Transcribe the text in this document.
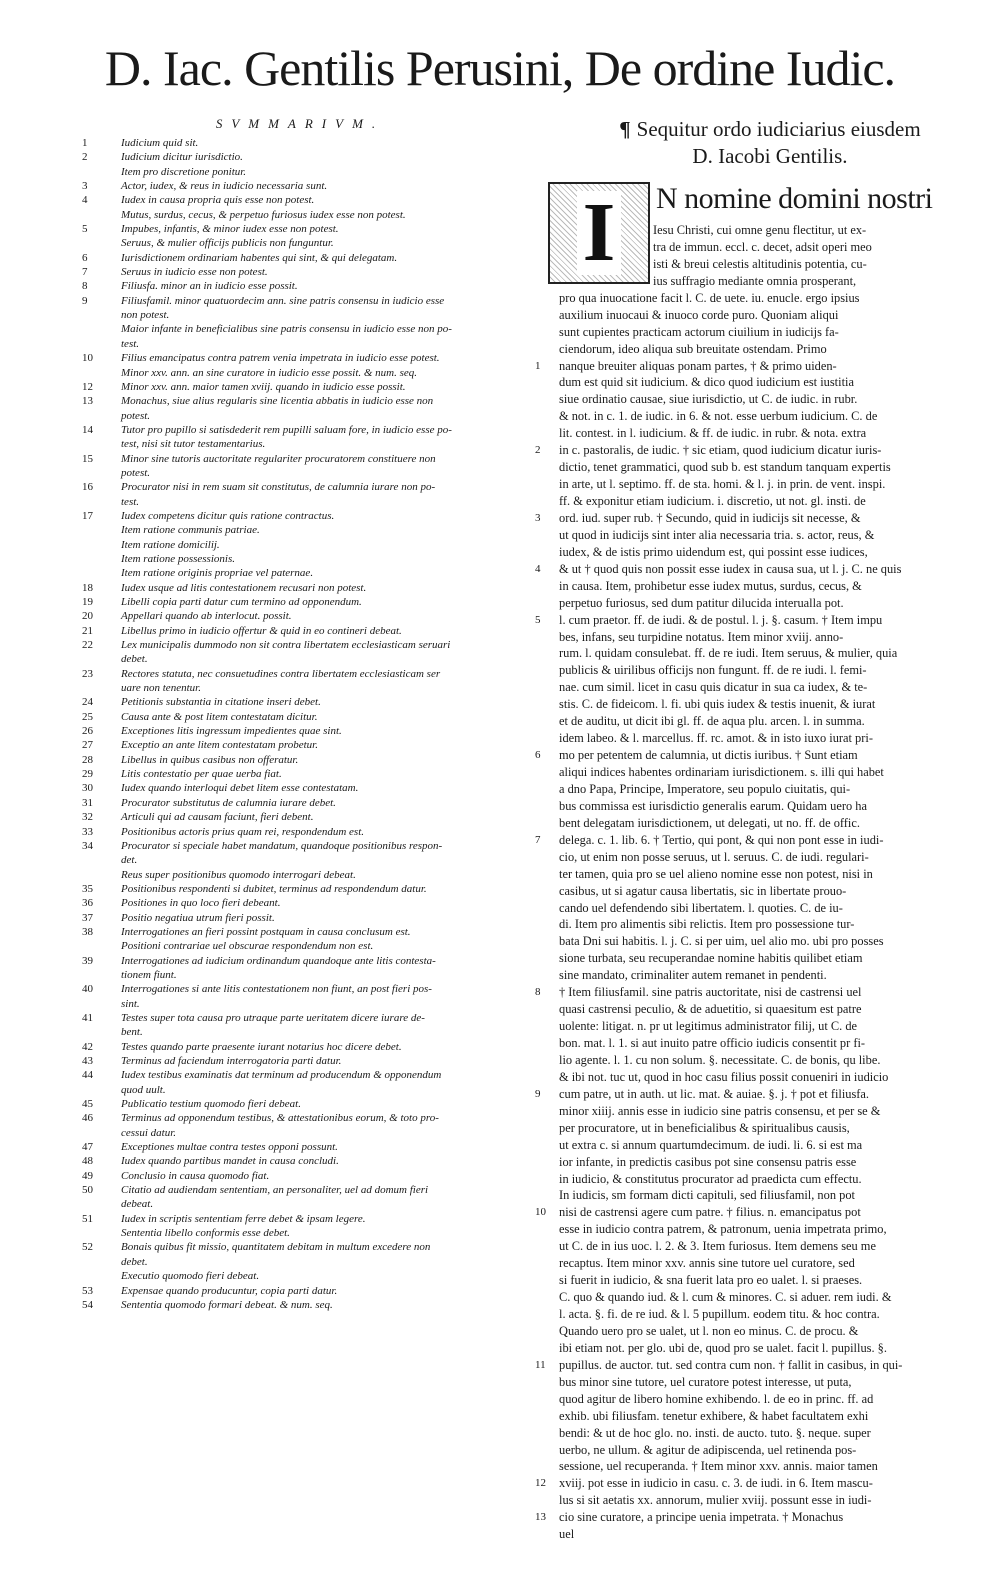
D. Iac. Gentilis Perusini, De ordine Iudic.
SVMMARIVM.
1	Iudicium quid sit.
2	Iudicium dicitur iurisdictio.
Item pro discretione ponitur.
3	Actor, iudex, & reus in iudicio necessaria sunt.
4	Iudex in causa propria quis esse non potest.
Mutus, surdus, cecus, & perpetuo furiosus iudex esse non potest.
5	Impubes, infantis, & minor iudex esse non potest.
Seruus, & mulier officijs publicis non funguntur.
6	Iurisdictionem ordinariam habentes qui sint, & qui delegatam.
7	Seruus in iudicio esse non potest.
8	Filiusfa. minor an in iudicio esse possit.
9	Filiusfamil. minor quatuordecim ann. sine patris consensu in iudicio esse
non potest.
Maior infante in beneficialibus sine patris consensu in iudicio esse non po-
test.
10	Filius emancipatus contra patrem venia impetrata in iudicio esse potest.
Minor xxv. ann. an sine curatore in iudicio esse possit. & num. seq.
12	Minor xxv. ann. maior tamen xviij. quando in iudicio esse possit.
13	Monachus, siue alius regularis sine licentia abbatis in iudicio esse non
potest.
14	Tutor pro pupillo si satisdederit rem pupilli saluam fore, in iudicio esse po-
test, nisi sit tutor testamentarius.
15	Minor sine tutoris auctoritate regulariter procuratorem constituere non
potest.
16	Procurator nisi in rem suam sit constitutus, de calumnia iurare non po-
test.
17	Iudex competens dicitur quis ratione contractus.
Item ratione communis patriae.
Item ratione domicilij.
Item ratione possessionis.
Item ratione originis propriae vel paternae.
18	Iudex usque ad litis contestationem recusari non potest.
19	Libelli copia parti datur cum termino ad opponendum.
20	Appellari quando ab interlocut. possit.
21	Libellus primo in iudicio offertur & quid in eo contineri debeat.
22	Lex municipalis dummodo non sit contra libertatem ecclesiasticam seruari
debet.
23	Rectores statuta, nec consuetudines contra libertatem ecclesiasticam ser
uare non tenentur.
24	Petitionis substantia in citatione inseri debet.
25	Causa ante & post litem contestatam dicitur.
26	Exceptiones litis ingressum impedientes quae sint.
27	Exceptio an ante litem contestatam probetur.
28	Libellus in quibus casibus non offeratur.
29	Litis contestatio per quae uerba fiat.
30	Iudex quando interloqui debet litem esse contestatam.
31	Procurator substitutus de calumnia iurare debet.
32	Articuli qui ad causam faciunt, fieri debent.
33	Positionibus actoris prius quam rei, respondendum est.
34	Procurator si speciale habet mandatum, quandoque positionibus respon-
det.
Reus super positionibus quomodo interrogari debeat.
35	Positionibus respondenti si dubitet, terminus ad respondendum datur.
36	Positiones in quo loco fieri debeant.
37	Positio negatiua utrum fieri possit.
38	Interrogationes an fieri possint postquam in causa conclusum est.
Positioni contrariae uel obscurae respondendum non est.
39	Interrogationes ad iudicium ordinandum quandoque ante litis contesta-
tionem fiunt.
40	Interrogationes si ante litis contestationem non fiunt, an post fieri pos-
sint.
41	Testes super tota causa pro utraque parte ueritatem dicere iurare de-
bent.
42	Testes quando parte praesente iurant notarius hoc dicere debet.
43	Terminus ad faciendum interrogatoria parti datur.
44	Iudex testibus examinatis dat terminum ad producendum & opponendum
quod uult.
45	Publicatio testium quomodo fieri debeat.
46	Terminus ad opponendum testibus, & attestationibus eorum, & toto pro-
cessui datur.
47	Exceptiones multae contra testes opponi possunt.
48	Iudex quando partibus mandet in causa concludi.
49	Conclusio in causa quomodo fiat.
50	Citatio ad audiendam sententiam, an personaliter, uel ad domum fieri
debeat.
51	Iudex in scriptis sententiam ferre debet & ipsam legere.
Sententia libello conformis esse debet.
52	Bonais quibus fit missio, quantitatem debitam in multum excedere non
debet.
Executio quomodo fieri debeat.
53	Expensae quando producuntur, copia parti datur.
54	Sententia quomodo formari debeat. & num. seq.
¶ Sequitur ordo iudiciarius eiusdem
D. Iacobi Gentilis.
I N nomine domini nostri
Iesu Christi, cui omne genu flectitur, ut ex-
tra de immun. eccl. c. decet, adsit operi meo
isti & breui celestis altitudinis potentia, cu-
ius suffragio mediante omnia prosperant,
pro qua inuocatione facit l. C. de uete. iu. enucle. ergo ipsius
auxilium inuocaui & inuoco corde puro. Quoniam aliqui
sunt cupientes practicam actorum ciuilium in iudicijs fa-
ciendorum, ideo aliqua sub breuitate ostendam. Primo
1	nanque breuiter aliquas ponam partes, † & primo uiden-
dum est quid sit iudicium. & dico quod iudicium est iustitia
siue ordinatio causae, siue iurisdictio, ut C. de iudic. in rubr.
& not. in c. 1. de iudic. in 6. & not. esse uerbum iudicium. C. de
lit. contest. in l. iudicium. & ff. de iudic. in rubr. & nota. extra
2	in c. pastoralis, de iudic. † sic etiam, quod iudicium dicatur iuris-
dictio, tenet grammatici, quod sub b. est standum tanquam expertis
in arte, ut l. septimo. ff. de sta. homi. & l. j. in prin. de vent. inspi.
ff. & exponitur etiam iudicium. i. discretio, ut not. gl. insti. de
3	ord. iud. super rub. † Secundo, quid in iudicijs sit necesse, &
ut quod in iudicijs sint inter alia necessaria tria. s. actor, reus, &
iudex, & de istis primo uidendum est, qui possint esse iudices,
4	& ut † quod quis non possit esse iudex in causa sua, ut l. j. C. ne quis
in causa. Item, prohibetur esse iudex mutus, surdus, cecus, &
perpetuo furiosus, sed dum patitur dilucida interualla pot.
5	l. cum praetor. ff. de iudi. & de postul. l. j. §. casum. † Item impu
bes, infans, seu turpidine notatus. Item minor xviij. anno-
rum. l. quidam consulebat. ff. de re iudi. Item seruus, & mulier, quia
publicis & uirilibus officijs non fungunt. ff. de re iudi. l. femi-
nae. cum simil. licet in casu quis dicatur in sua ca iudex, & te-
stis. C. de fideicom. l. fi. ubi quis iudex & testis inuenit, & iurat
et de auditu, ut dicit ibi gl. ff. de aqua plu. arcen. l. in summa.
idem labeo. & l. marcellus. ff. rc. amot. & in isto iuxo iurat pri-
6	mo per petentem de calumnia, ut dictis iuribus. † Sunt etiam
aliqui indices habentes ordinariam iurisdictionem. s. illi qui habet
a dno Papa, Principe, Imperatore, seu populo ciuitatis, qui-
bus commissa est iurisdictio generalis earum. Quidam uero ha
bent delegatam iurisdictionem, ut delegati, ut no. ff. de offic.
7	delega. c. 1. lib. 6. † Tertio, qui pont, & qui non pont esse in iudi-
cio, ut enim non posse seruus, ut l. seruus. C. de iudi. regulari-
ter tamen, quia pro se uel alieno nomine esse non potest, nisi in
casibus, ut si agatur causa libertatis, sic in libertate prouo-
cando uel defendendo sibi libertatem. l. quoties. C. de iu-
di. Item pro alimentis sibi relictis. Item pro possessione tur-
bata Dni sui habitis. l. j. C. si per uim, uel alio mo. ubi pro posses
sione turbata, seu recuperandae nomine habitis quilibet etiam
sine mandato, criminaliter autem remanet in pendenti.
8	† Item filiusfamil. sine patris auctoritate, nisi de castrensi uel
quasi castrensi peculio, & de aduetitio, si quaesitum est patre
uolente: litigat. n. pr ut legitimus administrator filij, ut C. de
bon. mat. l. 1. si aut inuito patre officio iudicis consentit pr fi-
lio agente. l. 1. cu non solum. §. necessitate. C. de bonis, qu libe.
& ibi not. tuc ut, quod in hoc casu filius possit conueniri in iudicio
9	cum patre, ut in auth. ut lic. mat. & auiae. §. j. † pot et filiusfa.
minor xiiij. annis esse in iudicio sine patris consensu, et per se &
per procuratore, ut in beneficialibus & spiritualibus causis,
ut extra c. si annum quartumdecimum. de iudi. li. 6. si est ma
ior infante, in predictis casibus pot sine consensu patris esse
in iudicio, & constitutus procurator ad praedicta cum effectu.
In iudicis, sm formam dicti capituli, sed filiusfamil, non pot
10	nisi de castrensi agere cum patre. † filius. n. emancipatus pot
esse in iudicio contra patrem, & patronum, uenia impetrata primo,
ut C. de in ius uoc. l. 2. & 3. Item furiosus. Item demens seu me
recaptus. Item minor xxv. annis sine tutore uel curatore, sed
si fuerit in iudicio, & sna fuerit lata pro eo ualet. l. si praeses.
C. quo & quando iud. & l. cum & minores. C. si aduer. rem iudi. &
l. acta. §. fi. de re iud. & l. 5 pupillum. eodem titu. & hoc contra.
Quando uero pro se ualet, ut l. non eo minus. C. de procu. &
ibi etiam not. per glo. ubi de, quod pro se ualet. facit l. pupillus. §.
11	pupillus. de auctor. tut. sed contra cum non. † fallit in casibus, in qui-
bus minor sine tutore, uel curatore potest interesse, ut puta,
quod agitur de libero homine exhibendo. l. de eo in princ. ff. ad
exhib. ubi filiusfam. tenetur exhibere, & habet facultatem exhi
bendi: & ut de hoc glo. no. insti. de aucto. tuto. §. neque. super
uerbo, ne ullum. & agitur de adipiscenda, uel retinenda pos-
sessione, uel recuperanda. † Item minor xxv. annis. maior tamen
12	xviij. pot esse in iudicio in casu. c. 3. de iudi. in 6. Item mascu-
lus si sit aetatis xx. annorum, mulier xviij. possunt esse in iudi-
13	cio sine curatore, a principe uenia impetrata. † Monachus
uel
